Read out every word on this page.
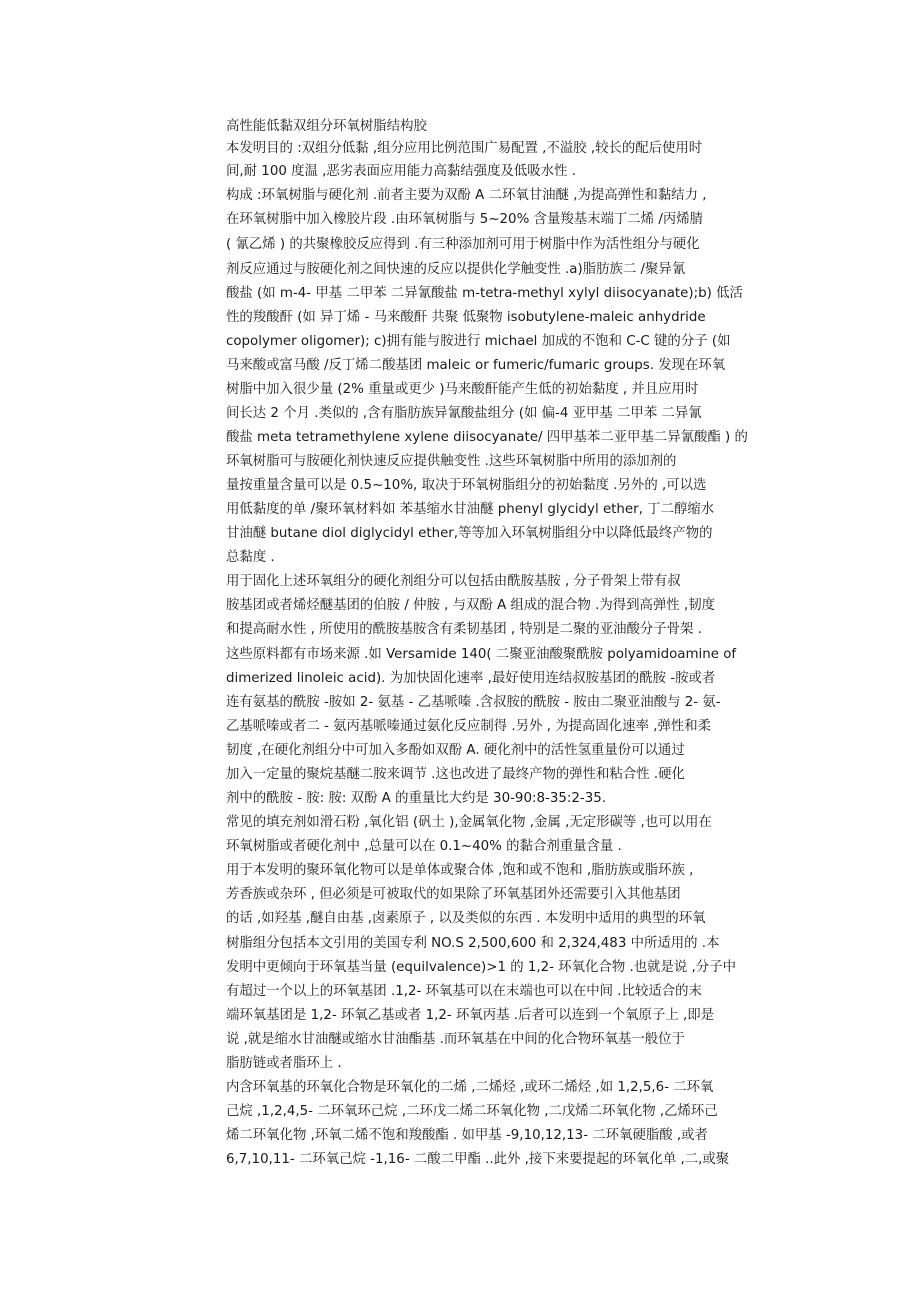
高性能低黏双组分环氧树脂结构胶
本发明目的 :双组分低黏 ,组分应用比例范围广易配置 ,不溢胶 ,较长的配后使用时
间,耐 100 度温 ,恶劣表面应用能力高黏结强度及低吸水性 .
构成 :环氧树脂与硬化剂 .前者主要为双酚 A 二环氧甘油醚 ,为提高弹性和黏结力 ,
在环氧树脂中加入橡胶片段 .由环氧树脂与 5~20% 含量羧基末端丁二烯 /丙烯腈
( 氰乙烯 ) 的共聚橡胶反应得到 .有三种添加剂可用于树脂中作为活性组分与硬化
剂反应通过与胺硬化剂之间快速的反应以提供化学触变性 .a)脂肪族二 /聚异氰
酸盐 (如 m-4- 甲基 二甲苯 二异氰酸盐 m-tetra-methyl xylyl diisocyanate);b) 低活
性的羧酸酐 (如 异丁烯 - 马来酸酐 共聚 低聚物 isobutylene-maleic anhydride
copolymer oligomer); c)拥有能与胺进行 michael 加成的不饱和 C-C 键的分子 (如
马来酸或富马酸 /反丁烯二酸基团 maleic or fumeric/fumaric groups. 发现在环氧
树脂中加入很少量 (2% 重量或更少 )马来酸酐能产生低的初始黏度 , 并且应用时
间长达 2 个月 .类似的 ,含有脂肪族异氰酸盐组分 (如 偏-4 亚甲基 二甲苯 二异氰
酸盐 meta tetramethylene xylene diisocyanate/ 四甲基苯二亚甲基二异氰酸酯 ) 的
环氧树脂可与胺硬化剂快速反应提供触变性 .这些环氧树脂中所用的添加剂的
量按重量含量可以是 0.5~10%, 取决于环氧树脂组分的初始黏度 .另外的 ,可以选
用低黏度的单 /聚环氧材料如 苯基缩水甘油醚 phenyl glycidyl ether, 丁二醇缩水
甘油醚 butane diol diglycidyl ether,等等加入环氧树脂组分中以降低最终产物的
总黏度 .
用于固化上述环氧组分的硬化剂组分可以包括由酰胺基胺 , 分子骨架上带有叔
胺基团或者烯烃醚基团的伯胺 / 仲胺 , 与双酚 A 组成的混合物 .为得到高弹性 ,韧度
和提高耐水性 , 所使用的酰胺基胺含有柔韧基团 , 特别是二聚的亚油酸分子骨架 .
这些原料都有市场来源 .如 Versamide 140( 二聚亚油酸聚酰胺 polyamidoamine of
dimerized linoleic acid). 为加快固化速率 ,最好使用连结叔胺基团的酰胺 -胺或者
连有氨基的酰胺 -胺如 2- 氨基 - 乙基哌嗪 .含叔胺的酰胺 - 胺由二聚亚油酸与 2- 氨-
乙基哌嗪或者二 - 氨丙基哌嗪通过氨化反应制得 .另外 , 为提高固化速率 ,弹性和柔
韧度 ,在硬化剂组分中可加入多酚如双酚 A. 硬化剂中的活性氢重量份可以通过
加入一定量的聚烷基醚二胺来调节 .这也改进了最终产物的弹性和粘合性 .硬化
剂中的酰胺 - 胺: 胺: 双酚 A 的重量比大约是 30-90:8-35:2-35.
常见的填充剂如滑石粉 ,氧化铝 (矾土 ),金属氧化物 ,金属 ,无定形碳等 ,也可以用在
环氧树脂或者硬化剂中 ,总量可以在 0.1~40% 的黏合剂重量含量 .
用于本发明的聚环氧化物可以是单体或聚合体 ,饱和或不饱和 ,脂肪族或脂环族 ,
芳香族或杂环 , 但必须是可被取代的如果除了环氧基团外还需要引入其他基团
的话 ,如羟基 ,醚自由基 ,卤素原子 , 以及类似的东西 . 本发明中适用的典型的环氧
树脂组分包括本文引用的美国专利 NO.S 2,500,600 和 2,324,483 中所适用的 .本
发明中更倾向于环氧基当量 (equilvalence)>1 的 1,2- 环氧化合物 .也就是说 ,分子中
有超过一个以上的环氧基团 .1,2- 环氧基可以在末端也可以在中间 .比较适合的末
端环氧基团是 1,2- 环氧乙基或者 1,2- 环氧丙基 .后者可以连到一个氧原子上 ,即是
说 ,就是缩水甘油醚或缩水甘油酯基 .而环氧基在中间的化合物环氧基一般位于
脂肪链或者脂环上 .
内含环氧基的环氧化合物是环氧化的二烯 ,二烯烃 ,或环二烯烃 ,如 1,2,5,6- 二环氧
己烷 ,1,2,4,5- 二环氧环己烷 ,二环戊二烯二环氧化物 ,二戊烯二环氧化物 ,乙烯环己
烯二环氧化物 ,环氧二烯不饱和羧酸酯 . 如甲基 -9,10,12,13- 二环氧硬脂酸 ,或者
6,7,10,11- 二环氧己烷 -1,16- 二酸二甲酯 ..此外 ,接下来要提起的环氧化单 ,二,或聚
